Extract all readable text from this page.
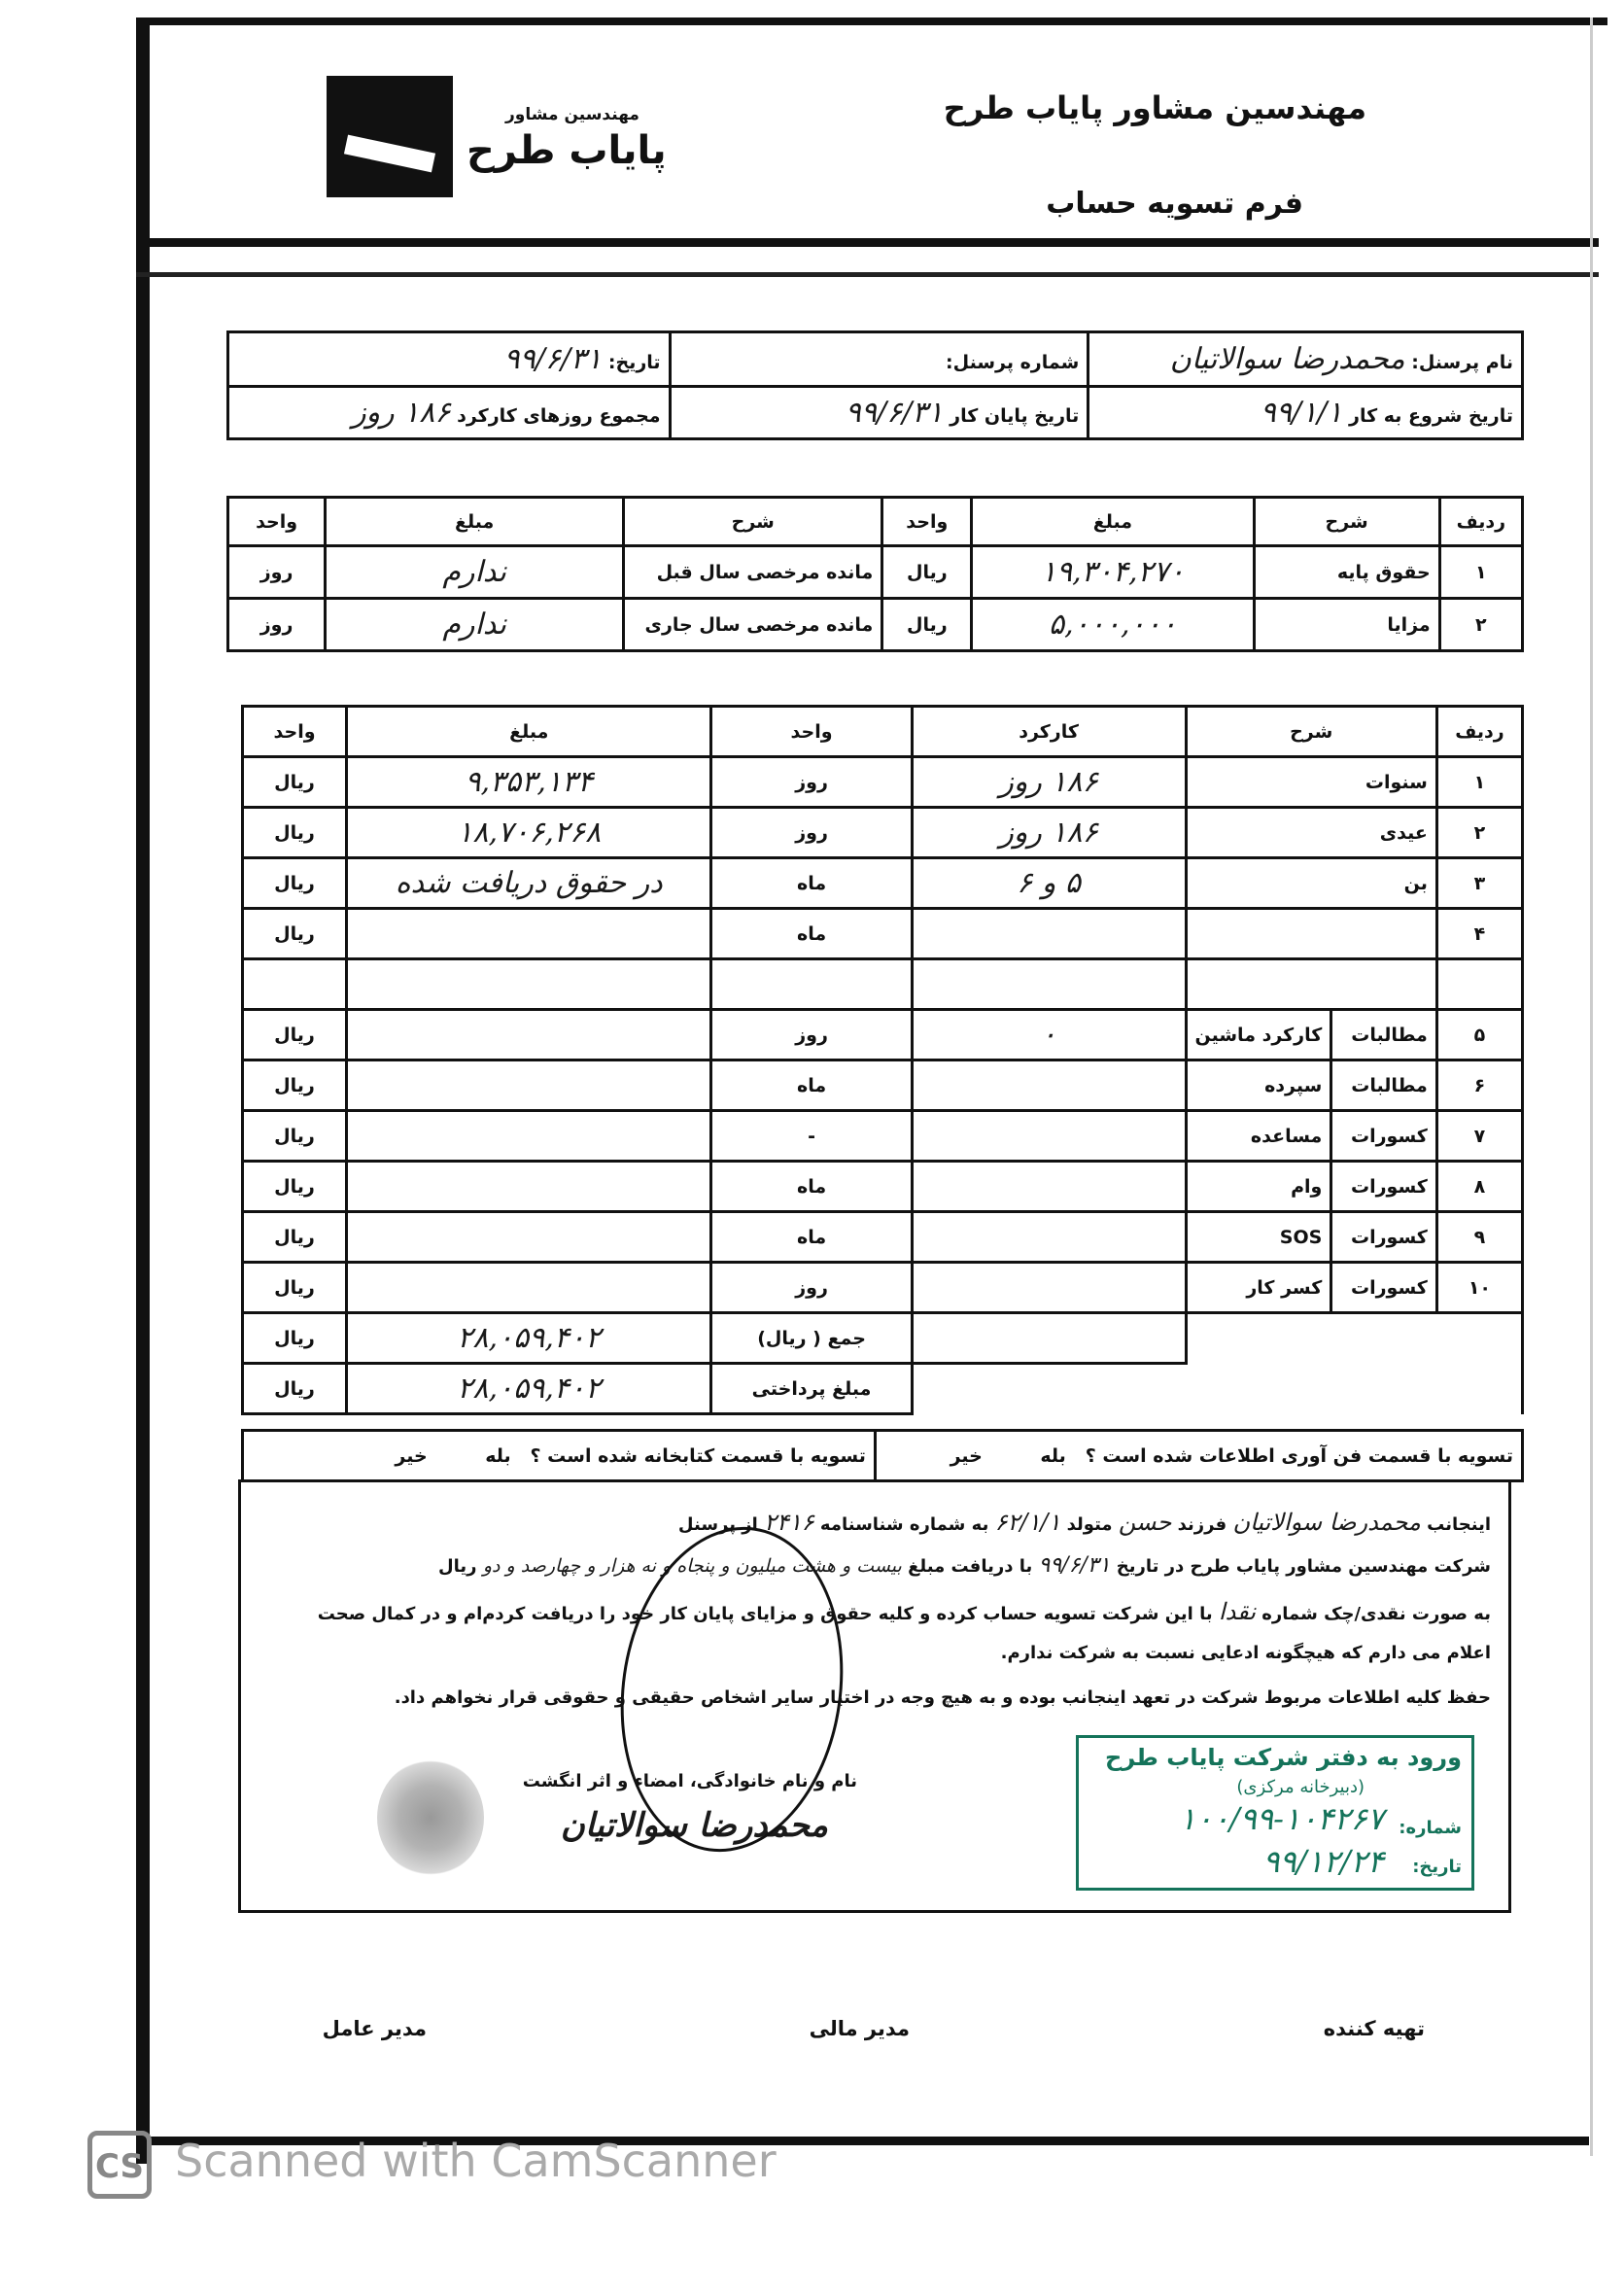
مهندسین مشاور
پایاب طرح
مهندسین مشاور پایاب طرح
فرم تسویه حساب
نام پرسنل: محمدرضا سوالاتیان	شماره پرسنل:	تاریخ: ۹۹/۶/۳۱
تاریخ شروع به کار ۹۹/۱/۱	تاریخ پایان کار ۹۹/۶/۳۱	مجموع روزهای کارکرد ۱۸۶ روز
ردیف	شرح	مبلغ	واحد	شرح	مبلغ	واحد
۱	حقوق پایه	۱۹,۳۰۴,۲۷۰	ریال	مانده مرخصی سال قبل	ندارم	روز
۲	مزایا	۵,۰۰۰,۰۰۰	ریال	مانده مرخصی سال جاری	ندارم	روز
ردیف	شرح		کارکرد	واحد	مبلغ	واحد
۱	سنوات		۱۸۶ روز	روز	۹,۳۵۳,۱۳۴	ریال
۲	عیدی		۱۸۶ روز	روز	۱۸,۷۰۶,۲۶۸	ریال
۳	بن		۵ و ۶	ماه	در حقوق دریافت شده	ریال
۴				ماه		ریال

۵	مطالبات	کارکرد ماشین	۰	روز		ریال
۶	مطالبات	سپرده		ماه		ریال
۷	کسورات	مساعده		-		ریال
۸	کسورات	وام		ماه		ریال
۹	کسورات	SOS		ماه		ریال
۱۰	کسورات	کسر کار		روز		ریال
				جمع ( ریال)	۲۸,۰۵۹,۴۰۲	ریال
				مبلغ پرداختی	۲۸,۰۵۹,۴۰۲	ریال
تسویه با قسمت فن آوری اطلاعات شده است ؟   بله         خیر	تسویه با قسمت کتابخانه شده است ؟   بله         خیر
اینجانب محمدرضا سوالاتیان فرزند حسن متولد ۶۲/۱/۱ به شماره شناسنامه ۲۴۱۶ از پرسنل
شرکت مهندسین مشاور پایاب طرح در تاریخ ۹۹/۶/۳۱ با دریافت مبلغ بیست و هشت میلیون و پنجاه و نه هزار و چهارصد و دو ریال
به صورت نقدی/چک شماره نقدا با این شرکت تسویه حساب کرده و کلیه حقوق و مزایای پایان کار خود را دریافت کردم‌ام و در کمال صحت
اعلام می دارم که هیچگونه ادعایی نسبت به شرکت ندارم.
حفظ کلیه اطلاعات مربوط شرکت در تعهد اینجانب بوده و به هیچ وجه در اختیار سایر اشخاص حقیقی و حقوقی قرار نخواهم داد.
نام و نام خانوادگی، امضاء و اثر انگشت
محمدرضا سوالاتیان
ورود به دفتر شرکت پایاب طرح
(دبیرخانه مرکزی)
شماره:
۱۰۰/۹۹-۱۰۴۲۶۷
تاریخ:
۹۹/۱۲/۲۴
تهیه کننده
مدیر مالی
مدیر عامل
CS Scanned with CamScanner
